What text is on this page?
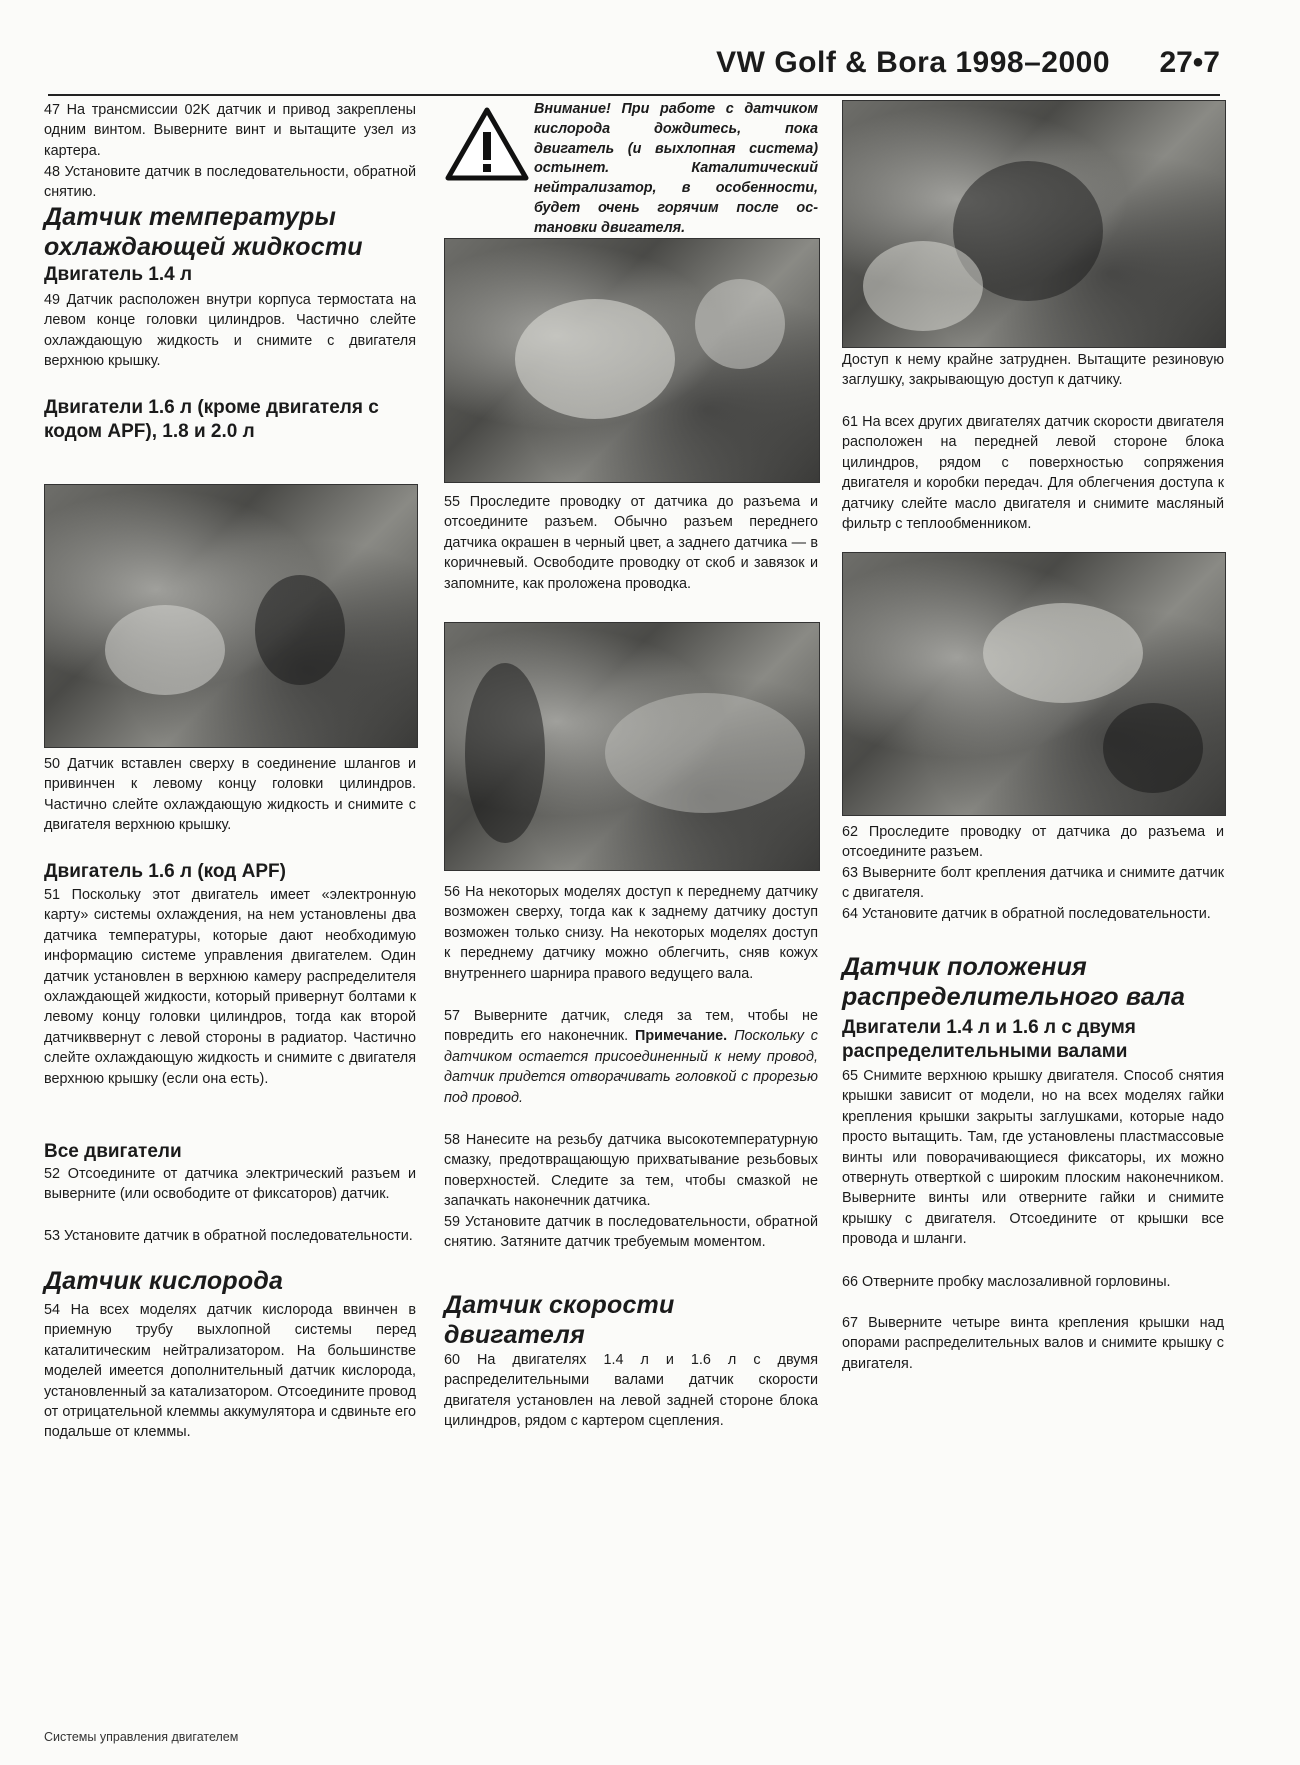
VW Golf & Bora 1998–2000 27•7

47 На трансмиссии 02K датчик и привод закреплены одним винтом. Выверните винт и вытащите узел из картера.

48 Установите датчик в последовательности, обратной снятию.

Датчик температуры охлаждающей жидкости
Двигатель 1.4 л

49 Датчик расположен внутри корпуса термостата на левом конце головки цилиндров. Частично слейте охлаждающую жидкость и снимите с двигателя верхнюю крышку.

Двигатели 1.6 л (кроме двигателя с кодом APF), 1.8 и 2.0 л

50 Датчик вставлен сверху в соединение шлангов и привинчен к левому концу головки цилиндров. Частично слейте охлаждающую жидкость и снимите с двигателя верхнюю крышку.

Двигатель 1.6 л (код APF)

51 Поскольку этот двигатель имеет «электронную карту» системы охлаждения, на нем установлены два датчика температуры, которые дают необходимую информацию системе управления двигателем. Один датчик установлен в верхнюю камеру распределителя охлаждающей жидкости, который привернут болтами к левому концу головки цилиндров, тогда как второй датчикввернут с левой стороны в радиатор. Частично слейте охлаждающую жидкость и снимите с двигателя верхнюю крышку (если она есть).

Все двигатели

52 Отсоедините от датчика электрический разъем и выверните (или освободите от фиксаторов) датчик.

53 Установите датчик в обратной последовательности.

Датчик кислорода

54 На всех моделях датчик кислорода ввинчен в приемную трубу выхлопной системы перед каталитическим нейтрализатором. На большинстве моделей имеется дополнительный датчик кислорода, установленный за катализатором. Отсоедините провод от отрицательной клеммы аккумулятора и сдвиньте его подальше от клеммы.

Внимание! При работе с датчиком кислорода дождитесь, пока двигатель (и выхлопная система) остынет. Каталитический нейтрализатор, в особенности, будет очень горячим после остановки двигателя.

55 Проследите проводку от датчика до разъема и отсоедините разъем. Обычно разъем переднего датчика окрашен в черный цвет, а заднего датчика — в коричневый. Освободите проводку от скоб и завязок и запомните, как проложена проводка.

56 На некоторых моделях доступ к переднему датчику возможен сверху, тогда как к заднему датчику доступ возможен только снизу. На некоторых моделях доступ к переднему датчику можно облегчить, сняв кожух внутреннего шарнира правого ведущего вала.

57 Выверните датчик, следя за тем, чтобы не повредить его наконечник. Примечание. Поскольку с датчиком остается присоединенный к нему провод, датчик придется отворачивать головкой с прорезью под провод.

58 Нанесите на резьбу датчика высокотемпературную смазку, предотвращающую прихватывание резьбовых поверхностей. Следите за тем, чтобы смазкой не запачкать наконечник датчика.

59 Установите датчик в последовательности, обратной снятию. Затяните датчик требуемым моментом.

Датчик скорости двигателя

60 На двигателях 1.4 л и 1.6 л с двумя распределительными валами датчик скорости двигателя установлен на левой задней стороне блока цилиндров, рядом с картером сцепления.

Доступ к нему крайне затруднен. Вытащите резиновую заглушку, закрывающую доступ к датчику.

61 На всех других двигателях датчик скорости двигателя расположен на передней левой стороне блока цилиндров, рядом с поверхностью сопряжения двигателя и коробки передач. Для облегчения доступа к датчику слейте масло двигателя и снимите масляный фильтр с теплообменником.

62 Проследите проводку от датчика до разъема и отсоедините разъем.

63 Выверните болт крепления датчика и снимите датчик с двигателя.

64 Установите датчик в обратной последовательности.

Датчик положения распределительного вала
Двигатели 1.4 л и 1.6 л с двумя распределительными валами

65 Снимите верхнюю крышку двигателя. Способ снятия крышки зависит от модели, но на всех моделях гайки крепления крышки закрыты заглушками, которые надо просто вытащить. Там, где установлены пластмассовые винты или поворачивающиеся фиксаторы, их можно отвернуть отверткой с широким плоским наконечником. Выверните винты или отверните гайки и снимите крышку с двигателя. Отсоедините от крышки все провода и шланги.

66 Отверните пробку маслозаливной горловины.

67 Выверните четыре винта крепления крышки над опорами распределительных валов и снимите крышку с двигателя.

Системы управления двигателем
